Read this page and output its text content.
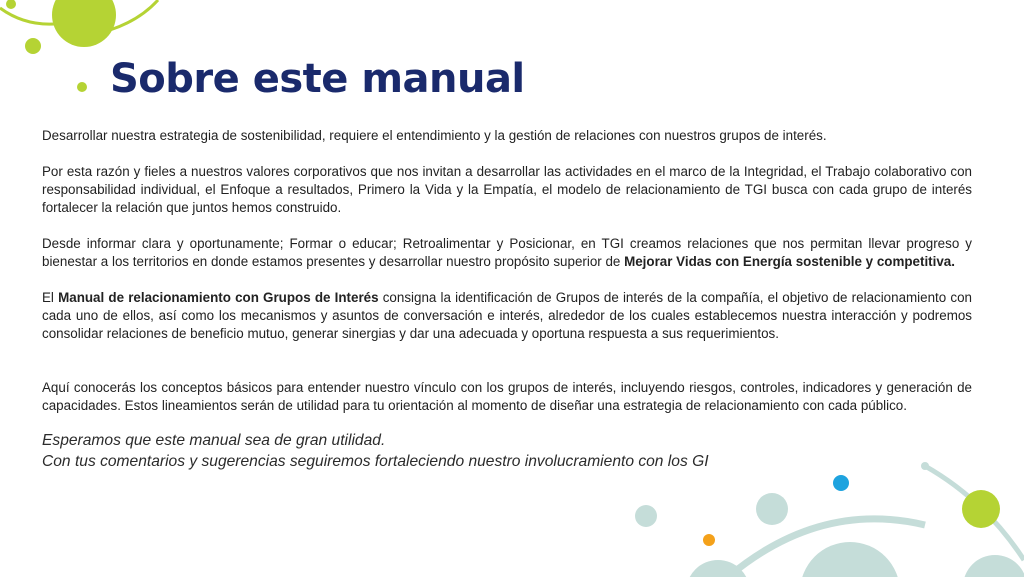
Sobre este manual

Desarrollar nuestra estrategia de sostenibilidad, requiere el entendimiento y la gestión de relaciones con nuestros grupos de interés.

Por esta razón y fieles a nuestros valores corporativos que nos invitan a desarrollar las actividades en el marco de la Integridad, el Trabajo colaborativo con responsabilidad individual, el Enfoque a resultados, Primero la Vida y la Empatía, el modelo de relacionamiento de TGI busca con cada grupo de interés fortalecer la relación que juntos hemos construido.

Desde informar clara y oportunamente; Formar o educar; Retroalimentar y Posicionar, en TGI creamos relaciones que nos permitan llevar progreso y bienestar a los territorios en donde estamos presentes y desarrollar nuestro propósito superior de Mejorar Vidas con Energía sostenible y competitiva.

El Manual de relacionamiento con Grupos de Interés consigna la identificación de Grupos de interés de la compañía, el objetivo de relacionamiento con cada uno de ellos, así como los mecanismos y asuntos de conversación e interés, alrededor de los cuales establecemos nuestra interacción y podremos consolidar relaciones de beneficio mutuo, generar sinergias y dar una adecuada y oportuna respuesta a sus requerimientos.

Aquí conocerás los conceptos básicos para entender nuestro vínculo con los grupos de interés, incluyendo riesgos, controles, indicadores y generación de capacidades. Estos lineamientos serán de utilidad para tu orientación al momento de diseñar una estrategia de relacionamiento con cada público.

Esperamos que este manual sea de gran utilidad.
Con tus comentarios y sugerencias seguiremos fortaleciendo nuestro involucramiento con los GI
